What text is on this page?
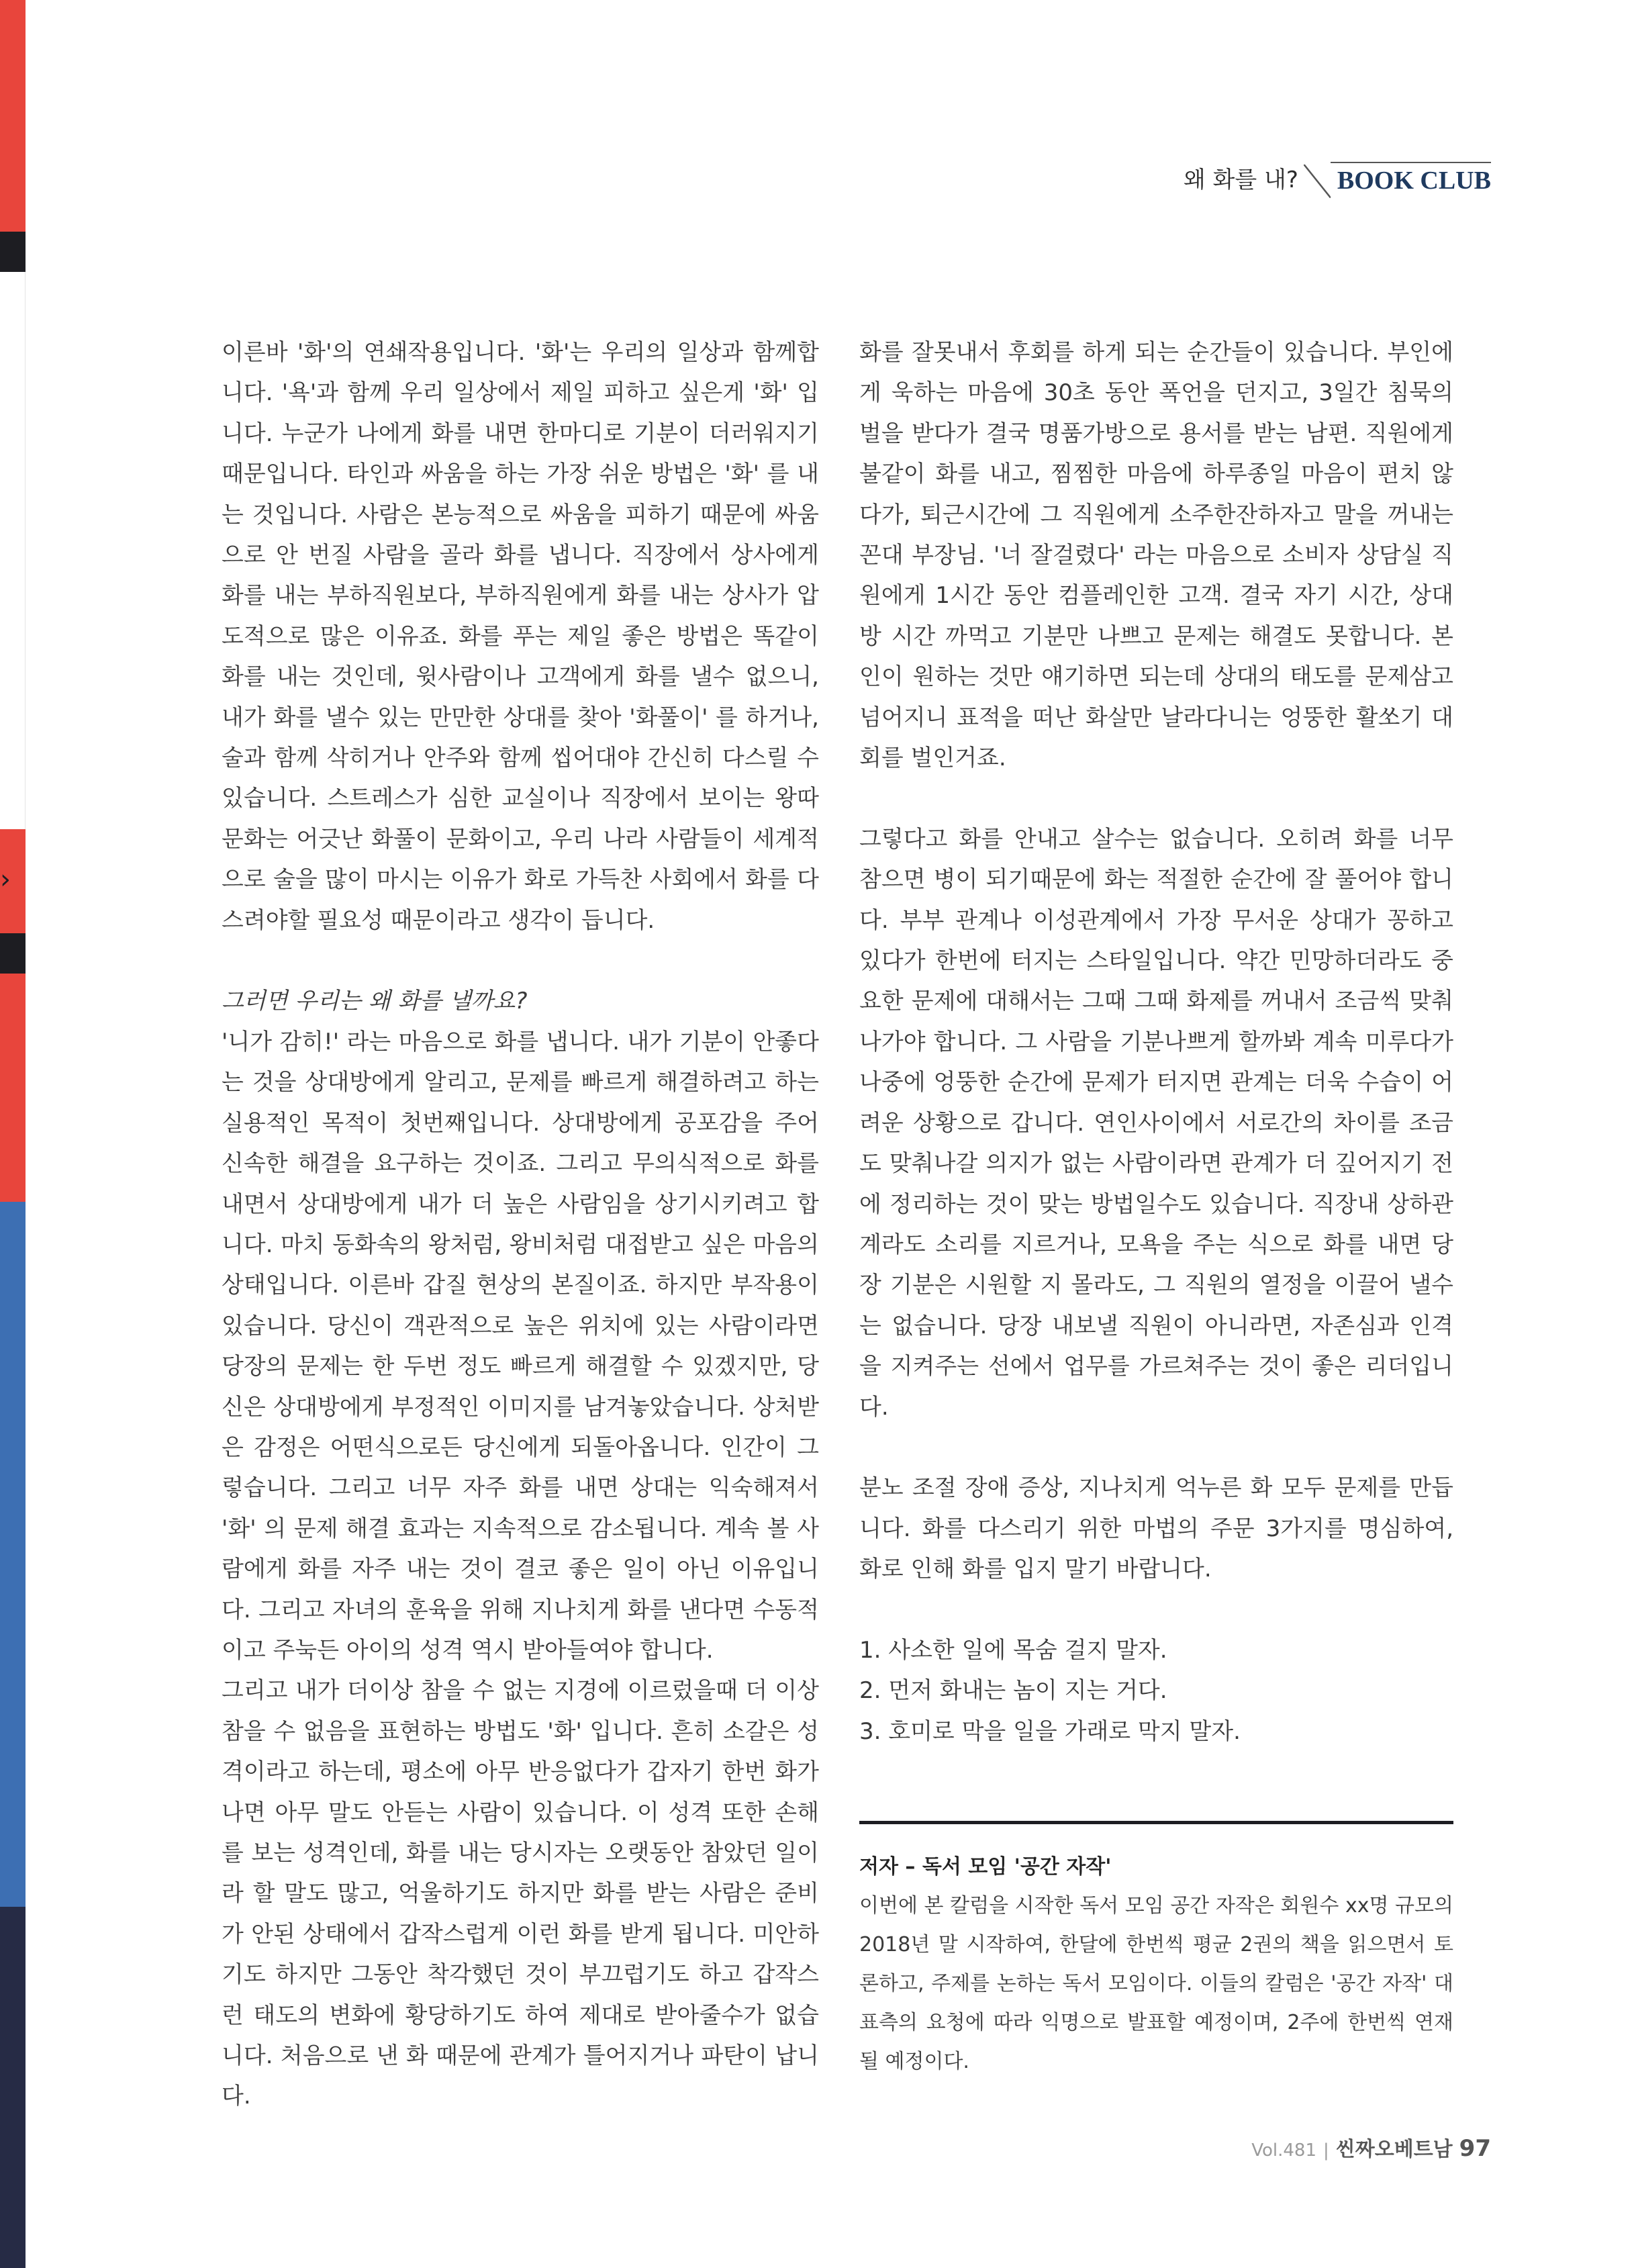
›
왜 화를 내? BOOK CLUB

이른바 '화'의 연쇄작용입니다. '화'는 우리의 일상과 함께합니다. '욕'과 함께 우리 일상에서 제일 피하고 싶은게 '화' 입니다. 누군가 나에게 화를 내면 한마디로 기분이 더러워지기 때문입니다. 타인과 싸움을 하는 가장 쉬운 방법은 '화' 를 내는 것입니다. 사람은 본능적으로 싸움을 피하기 때문에 싸움으로 안 번질 사람을 골라 화를 냅니다. 직장에서 상사에게 화를 내는 부하직원보다, 부하직원에게 화를 내는 상사가 압도적으로 많은 이유죠. 화를 푸는 제일 좋은 방법은 똑같이 화를 내는 것인데, 윗사람이나 고객에게 화를 낼수 없으니, 내가 화를 낼수 있는 만만한 상대를 찾아 '화풀이' 를 하거나, 술과 함께 삭히거나 안주와 함께 씹어대야 간신히 다스릴 수 있습니다. 스트레스가 심한 교실이나 직장에서 보이는 왕따 문화는 어긋난 화풀이 문화이고, 우리 나라 사람들이 세계적으로 술을 많이 마시는 이유가 화로 가득찬 사회에서 화를 다스려야할 필요성 때문이라고 생각이 듭니다.

그러면 우리는 왜 화를 낼까요?

'니가 감히!' 라는 마음으로 화를 냅니다. 내가 기분이 안좋다는 것을 상대방에게 알리고, 문제를 빠르게 해결하려고 하는 실용적인 목적이 첫번째입니다. 상대방에게 공포감을 주어 신속한 해결을 요구하는 것이죠. 그리고 무의식적으로 화를 내면서 상대방에게 내가 더 높은 사람임을 상기시키려고 합니다. 마치 동화속의 왕처럼, 왕비처럼 대접받고 싶은 마음의 상태입니다. 이른바 갑질 현상의 본질이죠. 하지만 부작용이 있습니다. 당신이 객관적으로 높은 위치에 있는 사람이라면 당장의 문제는 한 두번 정도 빠르게 해결할 수 있겠지만, 당신은 상대방에게 부정적인 이미지를 남겨놓았습니다. 상처받은 감정은 어떤식으로든 당신에게 되돌아옵니다. 인간이 그렇습니다. 그리고 너무 자주 화를 내면 상대는 익숙해져서 '화' 의 문제 해결 효과는 지속적으로 감소됩니다. 계속 볼 사람에게 화를 자주 내는 것이 결코 좋은 일이 아닌 이유입니다. 그리고 자녀의 훈육을 위해 지나치게 화를 낸다면 수동적이고 주눅든 아이의 성격 역시 받아들여야 합니다.

그리고 내가 더이상 참을 수 없는 지경에 이르렀을때 더 이상 참을 수 없음을 표현하는 방법도 '화' 입니다. 흔히 소갈은 성격이라고 하는데, 평소에 아무 반응없다가 갑자기 한번 화가 나면 아무 말도 안듣는 사람이 있습니다. 이 성격 또한 손해를 보는 성격인데, 화를 내는 당시자는 오랫동안 참았던 일이라 할 말도 많고, 억울하기도 하지만 화를 받는 사람은 준비가 안된 상태에서 갑작스럽게 이런 화를 받게 됩니다. 미안하기도 하지만 그동안 착각했던 것이 부끄럽기도 하고 갑작스런 태도의 변화에 황당하기도 하여 제대로 받아줄수가 없습니다. 처음으로 낸 화 때문에 관계가 틀어지거나 파탄이 납니다.

화를 잘못내서 후회를 하게 되는 순간들이 있습니다. 부인에게 욱하는 마음에 30초 동안 폭언을 던지고, 3일간 침묵의 벌을 받다가 결국 명품가방으로 용서를 받는 남편. 직원에게 불같이 화를 내고, 찜찜한 마음에 하루종일 마음이 편치 않다가, 퇴근시간에 그 직원에게 소주한잔하자고 말을 꺼내는 꼰대 부장님. '너 잘걸렸다' 라는 마음으로 소비자 상담실 직원에게 1시간 동안 컴플레인한 고객. 결국 자기 시간, 상대방 시간 까먹고 기분만 나쁘고 문제는 해결도 못합니다. 본인이 원하는 것만 얘기하면 되는데 상대의 태도를 문제삼고 넘어지니 표적을 떠난 화살만 날라다니는 엉뚱한 활쏘기 대회를 벌인거죠.

그렇다고 화를 안내고 살수는 없습니다. 오히려 화를 너무 참으면 병이 되기때문에 화는 적절한 순간에 잘 풀어야 합니다. 부부 관계나 이성관계에서 가장 무서운 상대가 꽁하고 있다가 한번에 터지는 스타일입니다. 약간 민망하더라도 중요한 문제에 대해서는 그때 그때 화제를 꺼내서 조금씩 맞춰나가야 합니다. 그 사람을 기분나쁘게 할까봐 계속 미루다가 나중에 엉뚱한 순간에 문제가 터지면 관계는 더욱 수습이 어려운 상황으로 갑니다. 연인사이에서 서로간의 차이를 조금도 맞춰나갈 의지가 없는 사람이라면 관계가 더 깊어지기 전에 정리하는 것이 맞는 방법일수도 있습니다. 직장내 상하관계라도 소리를 지르거나, 모욕을 주는 식으로 화를 내면 당장 기분은 시원할 지 몰라도, 그 직원의 열정을 이끌어 낼수는 없습니다. 당장 내보낼 직원이 아니라면, 자존심과 인격을 지켜주는 선에서 업무를 가르쳐주는 것이 좋은 리더입니다.

분노 조절 장애 증상, 지나치게 억누른 화 모두 문제를 만듭니다. 화를 다스리기 위한 마법의 주문 3가지를 명심하여, 화로 인해 화를 입지 말기 바랍니다.

1. 사소한 일에 목숨 걸지 말자.

2. 먼저 화내는 놈이 지는 거다.

3. 호미로 막을 일을 가래로 막지 말자.

저자 – 독서 모임 '공간 자작'

이번에 본 칼럼을 시작한 독서 모임 공간 자작은 회원수 xx명 규모의 2018년 말 시작하여, 한달에 한번씩 평균 2권의 책을 읽으면서 토론하고, 주제를 논하는 독서 모임이다. 이들의 칼럼은 '공간 자작' 대표측의 요청에 따라 익명으로 발표할 예정이며, 2주에 한번씩 연재 될 예정이다.

Vol.481 | 씬짜오베트남 97
